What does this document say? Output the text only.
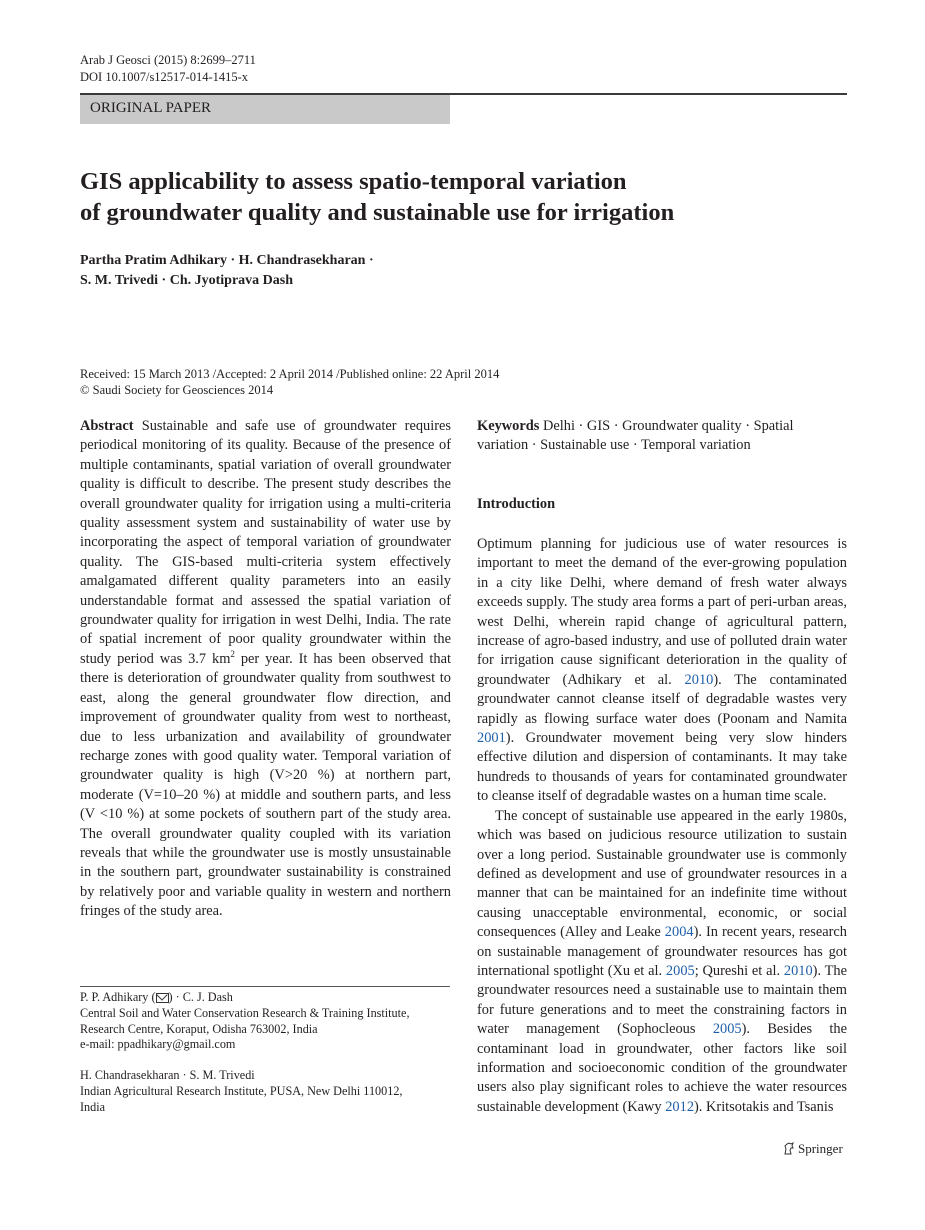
Arab J Geosci (2015) 8:2699–2711
DOI 10.1007/s12517-014-1415-x
ORIGINAL PAPER
GIS applicability to assess spatio-temporal variation
of groundwater quality and sustainable use for irrigation
Partha Pratim Adhikary · H. Chandrasekharan ·
S. M. Trivedi · Ch. Jyotiprava Dash
Received: 15 March 2013 /Accepted: 2 April 2014 /Published online: 22 April 2014
© Saudi Society for Geosciences 2014

Abstract Sustainable and safe use of groundwater requires periodical monitoring of its quality. Because of the presence of multiple contaminants, spatial variation of overall groundwater quality is difficult to describe. The present study describes the overall groundwater quality for irrigation using a multi-criteria quality assessment system and sustainability of water use by incorporating the aspect of temporal variation of groundwater quality. The GIS-based multi-criteria system effectively amalgamated different quality parameters into an easily understandable format and assessed the spatial variation of groundwater quality for irrigation in west Delhi, India. The rate of spatial increment of poor quality groundwater within the study period was 3.7 $km^2$ per year. It has been observed that there is deterioration of groundwater quality from southwest to east, along the general groundwater flow direction, and improvement of groundwater quality from west to northeast, due to less urbanization and availability of groundwater recharge zones with good quality water. Temporal variation of groundwater quality is high (V>20 %) at northern part, moderate (V=10–20 %) at middle and southern parts, and less (V <10 %) at some pockets of southern part of the study area. The overall groundwater quality coupled with its variation reveals that while the groundwater use is mostly unsustainable in the southern part, groundwater sustainability is constrained by relatively poor and variable quality in western and northern fringes of the study area.

Keywords Delhi · GIS · Groundwater quality · Spatial variation · Sustainable use · Temporal variation
Introduction

Optimum planning for judicious use of water resources is important to meet the demand of the ever-growing population in a city like Delhi, where demand of fresh water always exceeds supply. The study area forms a part of peri-urban areas, west Delhi, wherein rapid change of agricultural pattern, increase of agro-based industry, and use of polluted drain water for irrigation cause significant deterioration in the quality of groundwater (Adhikary et al. 2010). The contaminated groundwater cannot cleanse itself of degradable wastes very rapidly as flowing surface water does (Poonam and Namita 2001). Groundwater movement being very slow hinders effective dilution and dispersion of contaminants. It may take hundreds to thousands of years for contaminated groundwater to cleanse itself of degradable wastes on a human time scale.

The concept of sustainable use appeared in the early 1980s, which was based on judicious resource utilization to sustain over a long period. Sustainable groundwater use is commonly defined as development and use of groundwater resources in a manner that can be maintained for an indefinite time without causing unacceptable environmental, economic, or social consequences (Alley and Leake 2004). In recent years, research on sustainable management of groundwater resources has got international spotlight (Xu et al. 2005; Qureshi et al. 2010). The groundwater resources need a sustainable use to maintain them for future generations and to meet the constraining factors in water management (Sophocleous 2005). Besides the contaminant load in groundwater, other factors like soil information and socioeconomic condition of the groundwater users also play significant roles to achieve the water resources sustainable development (Kawy 2012). Kritsotakis and Tsanis

P. P. Adhikary ( ) · C. J. Dash
Central Soil and Water Conservation Research & Training Institute,
Research Centre, Koraput, Odisha 763002, India
e-mail: ppadhikary@gmail.com
H. Chandrasekharan · S. M. Trivedi
Indian Agricultural Research Institute, PUSA, New Delhi 110012,
India
Springer
